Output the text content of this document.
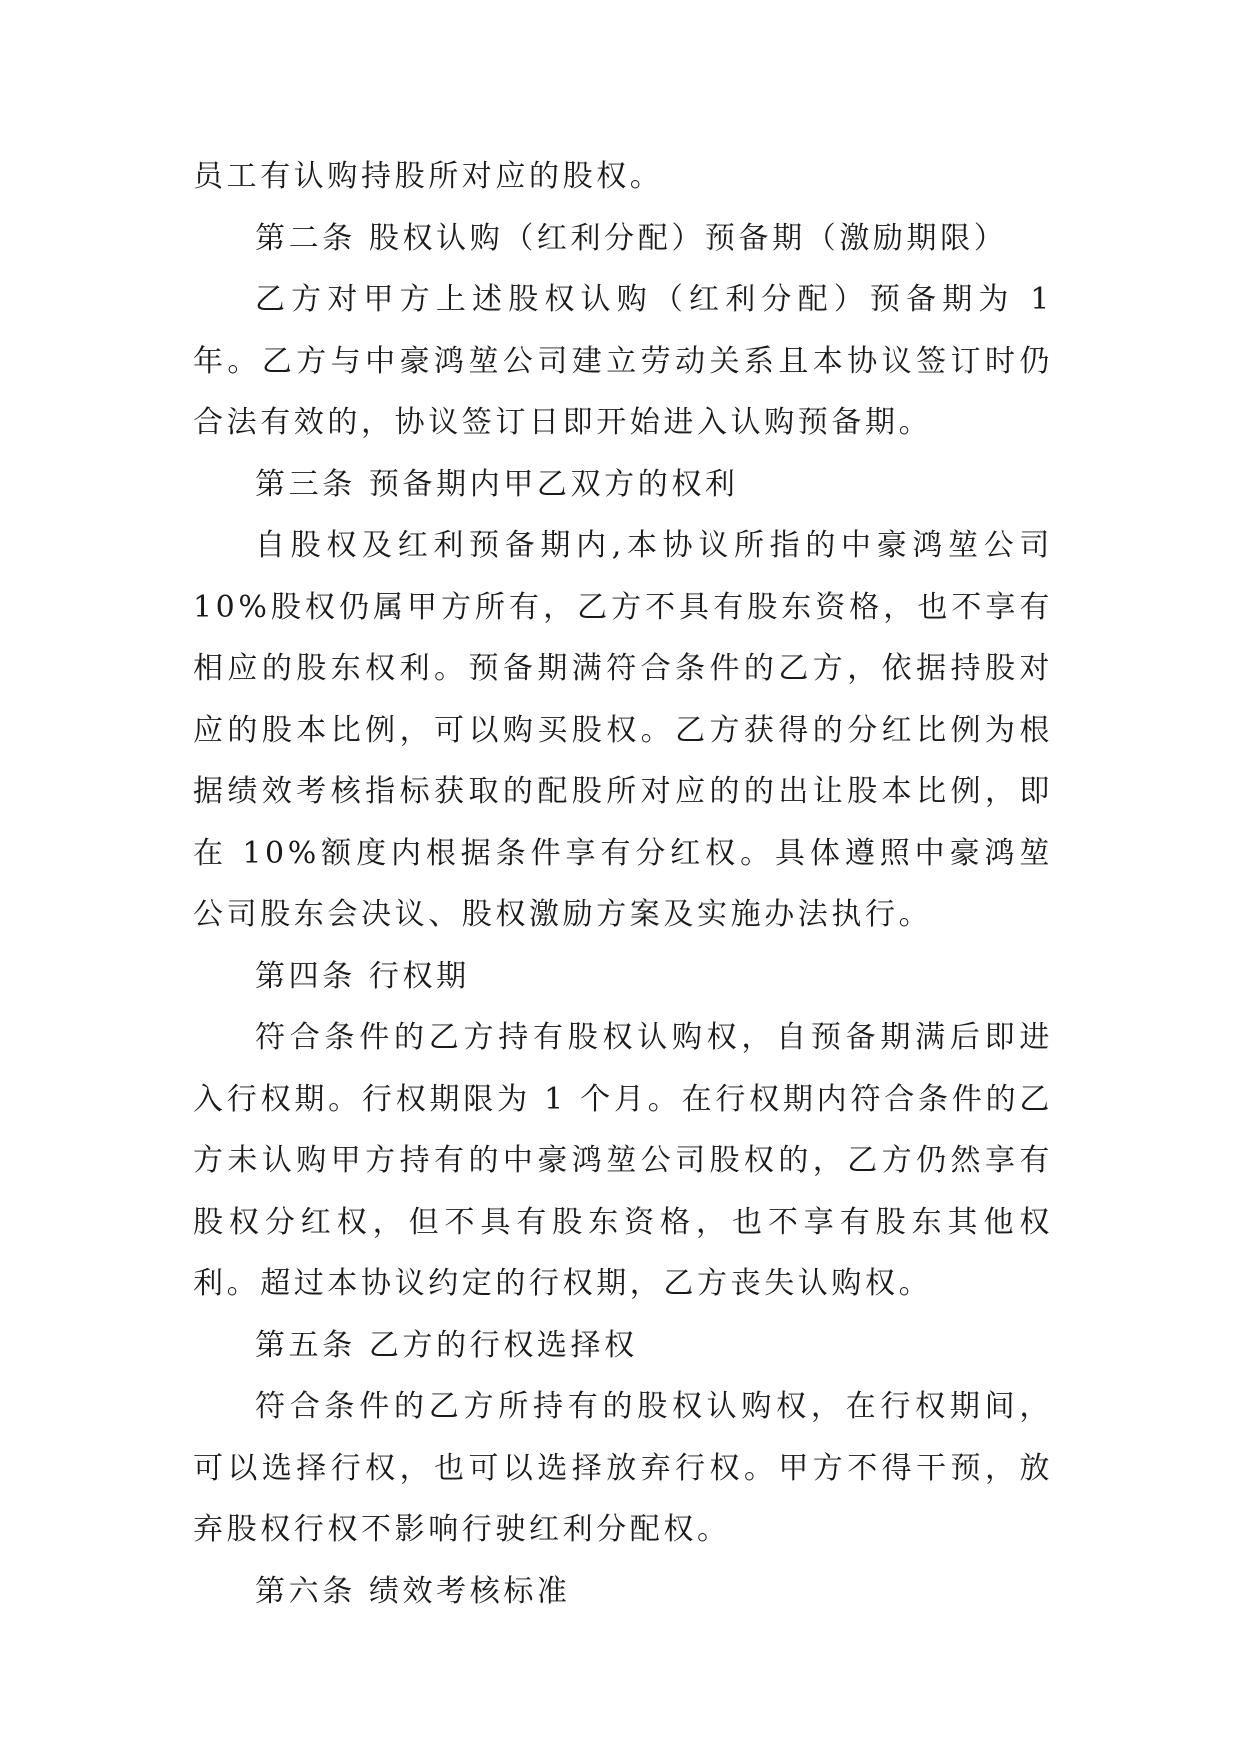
员工有认购持股所对应的股权。

第二条 股权认购（红利分配）预备期（激励期限）

乙方对甲方上述股权认购（红利分配）预备期为 1 年。乙方与中豪鸿堃公司建立劳动关系且本协议签订时仍合法有效的，协议签订日即开始进入认购预备期。

第三条 预备期内甲乙双方的权利

自股权及红利预备期内,本协议所指的中豪鸿堃公司10%股权仍属甲方所有，乙方不具有股东资格，也不享有相应的股东权利。预备期满符合条件的乙方，依据持股对应的股本比例，可以购买股权。乙方获得的分红比例为根据绩效考核指标获取的配股所对应的的出让股本比例，即在 10%额度内根据条件享有分红权。具体遵照中豪鸿堃公司股东会决议、股权激励方案及实施办法执行。

第四条 行权期

符合条件的乙方持有股权认购权，自预备期满后即进入行权期。行权期限为 1 个月。在行权期内符合条件的乙方未认购甲方持有的中豪鸿堃公司股权的，乙方仍然享有股权分红权，但不具有股东资格，也不享有股东其他权利。超过本协议约定的行权期，乙方丧失认购权。

第五条 乙方的行权选择权

符合条件的乙方所持有的股权认购权，在行权期间，可以选择行权，也可以选择放弃行权。甲方不得干预，放弃股权行权不影响行驶红利分配权。

第六条 绩效考核标准
